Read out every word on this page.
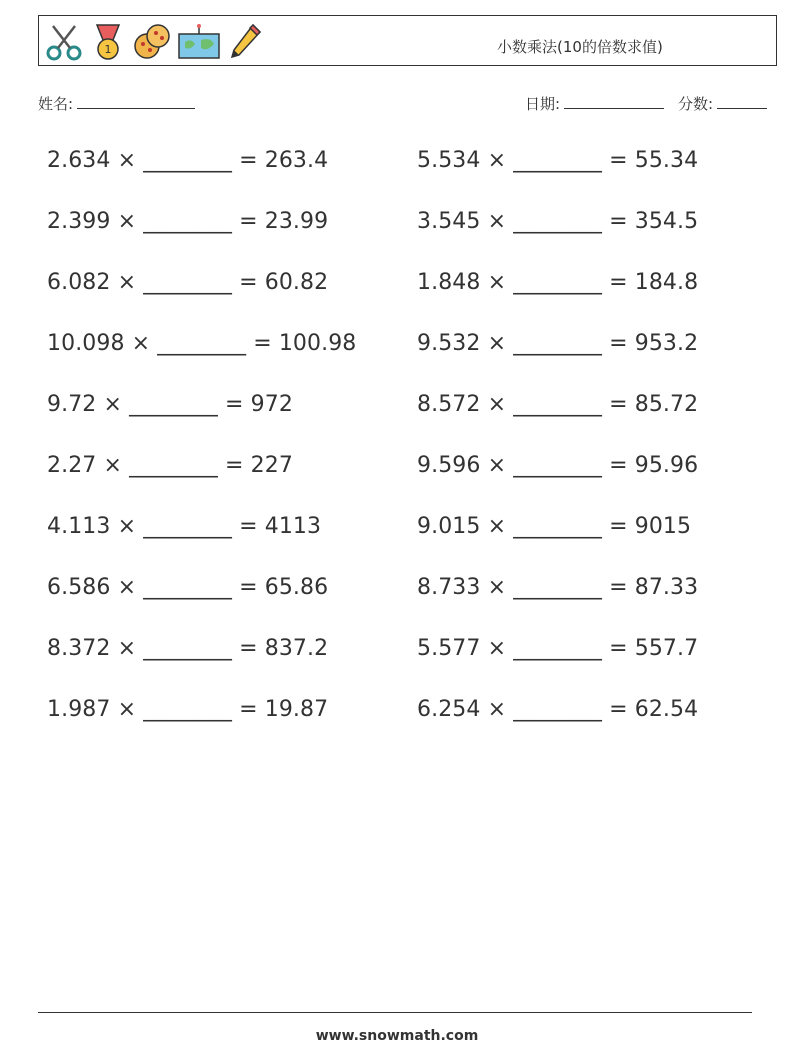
1	小数乘法(10的倍数求值)
姓名:	日期:	分数:
2.634 × ________ = 263.4	5.534 × ________ = 55.34
2.399 × ________ = 23.99	3.545 × ________ = 354.5
6.082 × ________ = 60.82	1.848 × ________ = 184.8
10.098 × ________ = 100.98	9.532 × ________ = 953.2
9.72 × ________ = 972	8.572 × ________ = 85.72
2.27 × ________ = 227	9.596 × ________ = 95.96
4.113 × ________ = 4113	9.015 × ________ = 9015
6.586 × ________ = 65.86	8.733 × ________ = 87.33
8.372 × ________ = 837.2	5.577 × ________ = 557.7
1.987 × ________ = 19.87	6.254 × ________ = 62.54
www.snowmath.com
